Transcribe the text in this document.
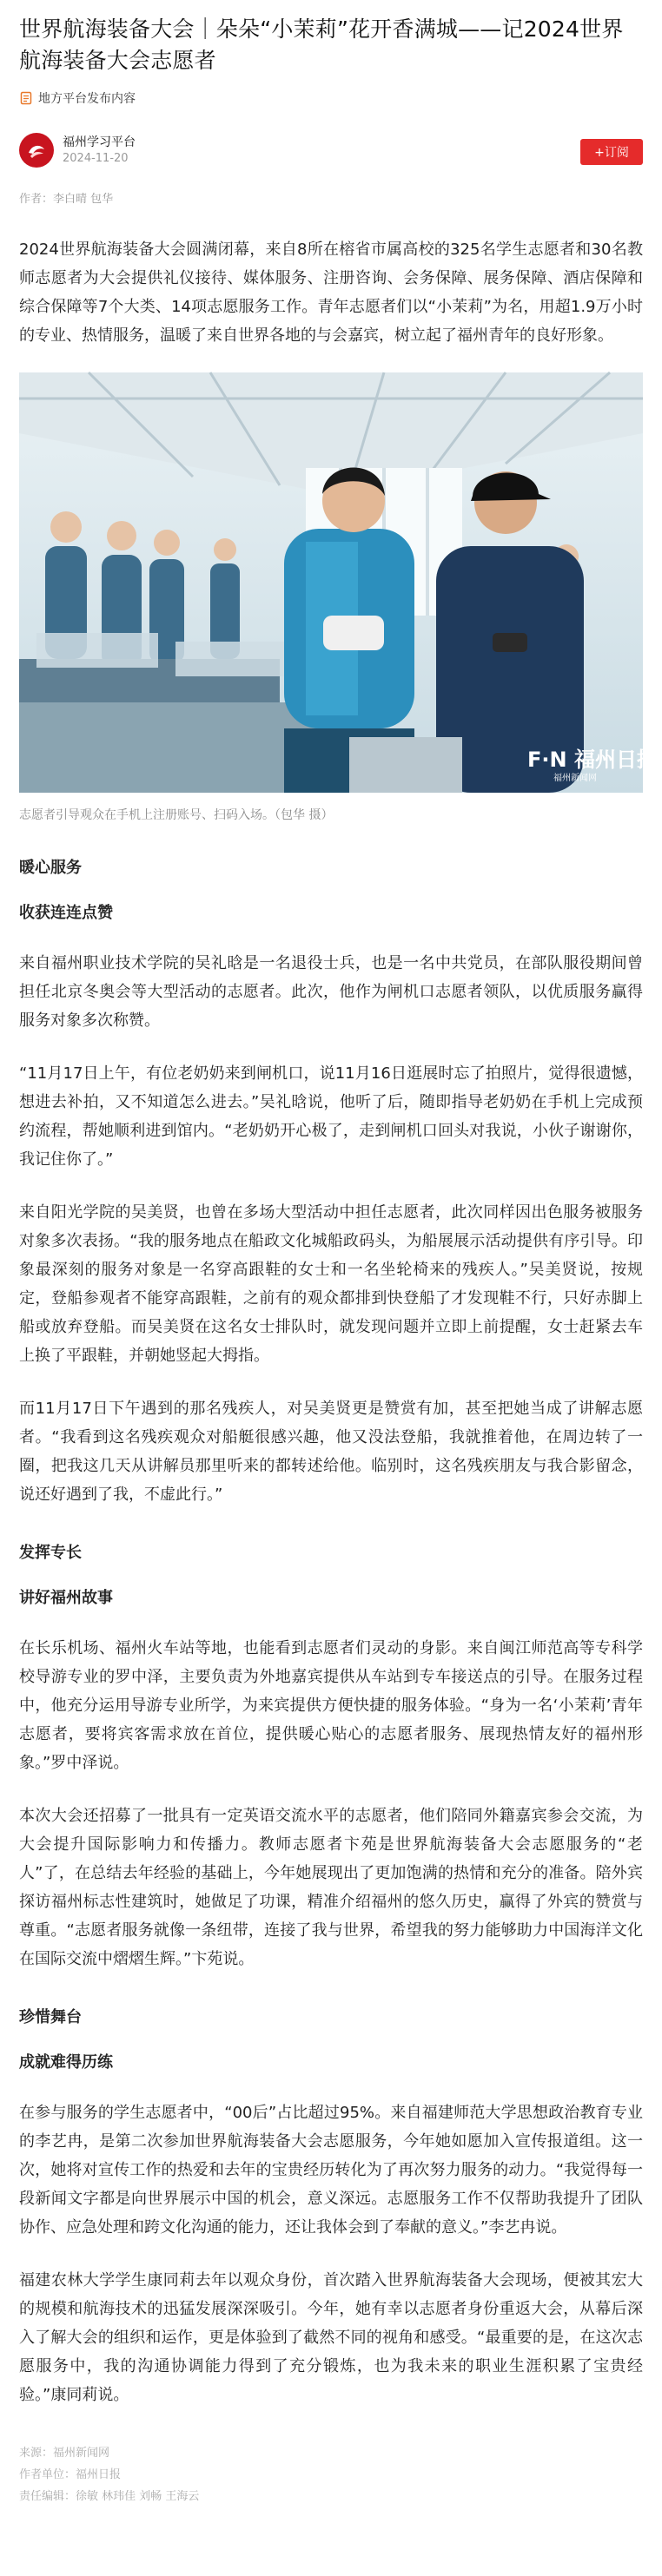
世界航海装备大会｜朵朵“小茉莉”花开香满城——记2024世界航海装备大会志愿者
地方平台发布内容
福州学习平台
2024-11-20	+订阅
作者：李白晴 包华

2024世界航海装备大会圆满闭幕，来自8所在榕省市属高校的325名学生志愿者和30名教师志愿者为大会提供礼仪接待、媒体服务、注册咨询、会务保障、展务保障、酒店保障和综合保障等7个大类、14项志愿服务工作。青年志愿者们以“小茉莉”为名，用超1.9万小时的专业、热情服务，温暖了来自世界各地的与会嘉宾，树立起了福州青年的良好形象。

F·N 福州日报
福州新闻网
志愿者引导观众在手机上注册账号、扫码入场。（包华 摄）
暖心服务
收获连连点赞

来自福州职业技术学院的吴礼晗是一名退役士兵，也是一名中共党员，在部队服役期间曾担任北京冬奥会等大型活动的志愿者。此次，他作为闸机口志愿者领队，以优质服务赢得服务对象多次称赞。

“11月17日上午，有位老奶奶来到闸机口，说11月16日逛展时忘了拍照片，觉得很遗憾，想进去补拍，又不知道怎么进去。”吴礼晗说，他听了后，随即指导老奶奶在手机上完成预约流程，帮她顺利进到馆内。“老奶奶开心极了，走到闸机口回头对我说，小伙子谢谢你，我记住你了。”

来自阳光学院的吴美贤，也曾在多场大型活动中担任志愿者，此次同样因出色服务被服务对象多次表扬。“我的服务地点在船政文化城船政码头，为船展展示活动提供有序引导。印象最深刻的服务对象是一名穿高跟鞋的女士和一名坐轮椅来的残疾人。”吴美贤说，按规定，登船参观者不能穿高跟鞋，之前有的观众都排到快登船了才发现鞋不行，只好赤脚上船或放弃登船。而吴美贤在这名女士排队时，就发现问题并立即上前提醒，女士赶紧去车上换了平跟鞋，并朝她竖起大拇指。

而11月17日下午遇到的那名残疾人，对吴美贤更是赞赏有加，甚至把她当成了讲解志愿者。“我看到这名残疾观众对船艇很感兴趣，他又没法登船，我就推着他，在周边转了一圈，把我这几天从讲解员那里听来的都转述给他。临别时，这名残疾朋友与我合影留念，说还好遇到了我，不虚此行。”

发挥专长
讲好福州故事

在长乐机场、福州火车站等地，也能看到志愿者们灵动的身影。来自闽江师范高等专科学校导游专业的罗中泽，主要负责为外地嘉宾提供从车站到专车接送点的引导。在服务过程中，他充分运用导游专业所学，为来宾提供方便快捷的服务体验。“身为一名‘小茉莉’青年志愿者，要将宾客需求放在首位，提供暖心贴心的志愿者服务、展现热情友好的福州形象。”罗中泽说。

本次大会还招募了一批具有一定英语交流水平的志愿者，他们陪同外籍嘉宾参会交流，为大会提升国际影响力和传播力。教师志愿者卞苑是世界航海装备大会志愿服务的“老人”了，在总结去年经验的基础上，今年她展现出了更加饱满的热情和充分的准备。陪外宾探访福州标志性建筑时，她做足了功课，精准介绍福州的悠久历史，赢得了外宾的赞赏与尊重。“志愿者服务就像一条纽带，连接了我与世界，希望我的努力能够助力中国海洋文化在国际交流中熠熠生辉。”卞苑说。

珍惜舞台
成就难得历练

在参与服务的学生志愿者中，“00后”占比超过95%。来自福建师范大学思想政治教育专业的李艺冉，是第二次参加世界航海装备大会志愿服务，今年她如愿加入宣传报道组。这一次，她将对宣传工作的热爱和去年的宝贵经历转化为了再次努力服务的动力。“我觉得每一段新闻文字都是向世界展示中国的机会，意义深远。志愿服务工作不仅帮助我提升了团队协作、应急处理和跨文化沟通的能力，还让我体会到了奉献的意义。”李艺冉说。

福建农林大学学生康同莉去年以观众身份，首次踏入世界航海装备大会现场，便被其宏大的规模和航海技术的迅猛发展深深吸引。今年，她有幸以志愿者身份重返大会，从幕后深入了解大会的组织和运作，更是体验到了截然不同的视角和感受。“最重要的是，在这次志愿服务中，我的沟通协调能力得到了充分锻炼，也为我未来的职业生涯积累了宝贵经验。”康同莉说。

来源：福州新闻网
作者单位：福州日报
责任编辑：徐敏 林玮佳 刘畅 王海云
